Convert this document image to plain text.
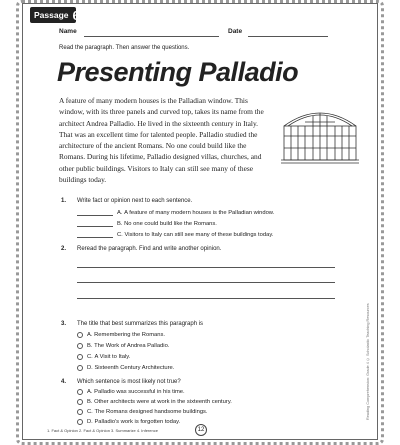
Passage 6
Name	Date
Read the paragraph. Then answer the questions.
Presenting Palladio
A feature of many modern houses is the Palladian window. This window, with its three panels and curved top, takes its name from the architect Andrea Palladio. He lived in the sixteenth century in Italy. That was an excellent time for talented people. Palladio studied the architecture of the ancient Romans. No one could build like the Romans. During his lifetime, Palladio designed villas, churches, and other public buildings. Visitors to Italy can still see many of these buildings today.
1.	Write fact or opinion next to each sentence.
A.
A feature of many modern houses is the Palladian window.
B.
No one could build like the Romans.
C.
Visitors to Italy can still see many of these buildings today.
2.	Reread the paragraph. Find and write another opinion.
3.	The title that best summarizes this paragraph is
A.
Remembering the Romans.
B.
The Work of Andrea Palladio.
C.
A Visit to Italy.
D.
Sixteenth Century Architecture.
4.	Which sentence is most likely not true?
A.
Palladio was successful in his time.
B.
Other architects were at work in the sixteenth century.
C.
The Romans designed handsome buildings.
D.
Palladio's work is forgotten today.
1. Fact & Opinion 2. Fact & Opinion 3. Summarize 4. Inference	12
Reading Comprehension: Grade 4 © Scholastic Teaching Resources
